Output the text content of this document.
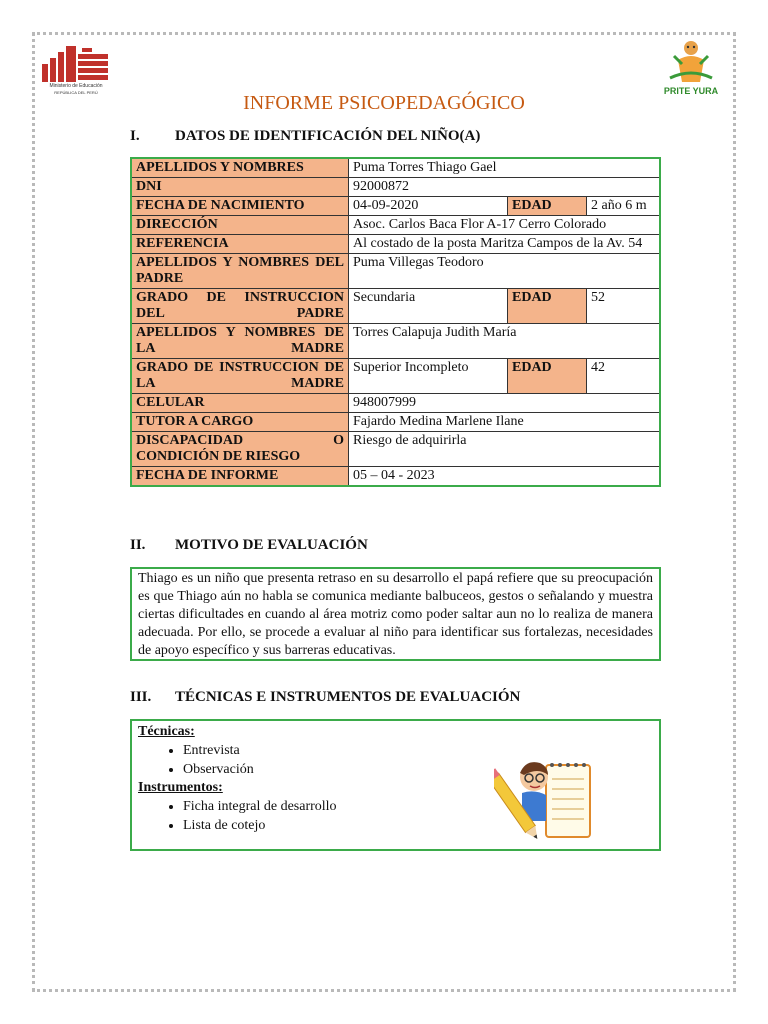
Ministerio de Educación
REPÚBLICA DEL PERÚ	PRITE YURA
INFORME PSICOPEDAGÓGICO
I. DATOS DE IDENTIFICACIÓN DEL NIÑO(A)
APELLIDOS Y NOMBRES	Puma Torres Thiago Gael		
DNI	92000872		
FECHA DE NACIMIENTO	04-09-2020	EDAD	2 año 6 m
DIRECCIÓN	Asoc. Carlos Baca Flor A-17 Cerro Colorado		
REFERENCIA	Al costado de la posta Maritza Campos de la Av. 54		
APELLIDOS Y NOMBRES DEL PADRE	Puma Villegas Teodoro		
GRADO DE INSTRUCCION DEL PADRE	Secundaria	EDAD	52
APELLIDOS Y NOMBRES DE LA MADRE	Torres Calapuja Judith María		
GRADO DE INSTRUCCION DE LA MADRE	Superior Incompleto	EDAD	42
CELULAR	948007999		
TUTOR A CARGO	Fajardo Medina Marlene Ilane		

DISCAPACIDAD O
CONDICIÓN DE RIESGO	Riesgo de adquirirla		
FECHA DE INFORME	05 – 04 - 2023		
II. MOTIVO DE EVALUACIÓN
Thiago es un niño que presenta retraso en su desarrollo el papá refiere que su preocupación es que Thiago aún no habla se comunica mediante balbuceos, gestos o señalando y muestra ciertas dificultades en cuando al área motriz como poder saltar aun no lo realiza de manera adecuada. Por ello, se procede a evaluar al niño para identificar sus fortalezas, necesidades de apoyo específico y sus barreras educativas.
III. TÉCNICAS E INSTRUMENTOS DE EVALUACIÓN
Técnicas:
• Entrevista
• Observación
Instrumentos:
• Ficha integral de desarrollo
• Lista de cotejo
